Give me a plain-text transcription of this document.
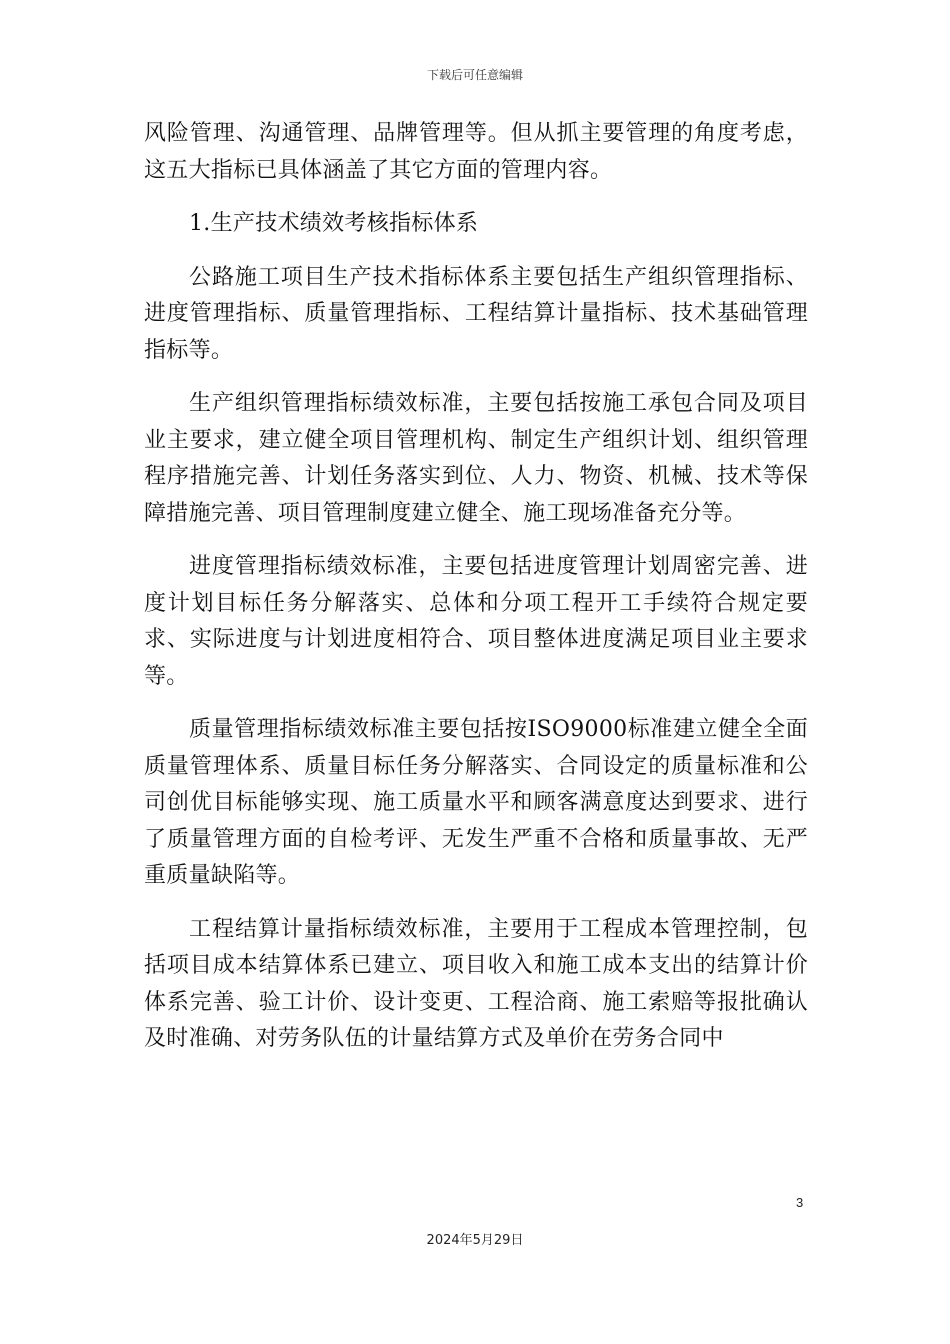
下载后可任意编辑

风险管理、沟通管理、品牌管理等。但从抓主要管理的角度考虑，这五大指标已具体涵盖了其它方面的管理内容。

1.生产技术绩效考核指标体系

公路施工项目生产技术指标体系主要包括生产组织管理指标、进度管理指标、质量管理指标、工程结算计量指标、技术基础管理指标等。

生产组织管理指标绩效标准，主要包括按施工承包合同及项目业主要求，建立健全项目管理机构、制定生产组织计划、组织管理程序措施完善、计划任务落实到位、人力、物资、机械、技术等保障措施完善、项目管理制度建立健全、施工现场准备充分等。

进度管理指标绩效标准，主要包括进度管理计划周密完善、进度计划目标任务分解落实、总体和分项工程开工手续符合规定要求、实际进度与计划进度相符合、项目整体进度满足项目业主要求等。

质量管理指标绩效标准主要包括按ISO9000标准建立健全全面质量管理体系、质量目标任务分解落实、合同设定的质量标准和公司创优目标能够实现、施工质量水平和顾客满意度达到要求、进行了质量管理方面的自检考评、无发生严重不合格和质量事故、无严重质量缺陷等。

工程结算计量指标绩效标准，主要用于工程成本管理控制，包括项目成本结算体系已建立、项目收入和施工成本支出的结算计价体系完善、验工计价、设计变更、工程洽商、施工索赔等报批确认及时准确、对劳务队伍的计量结算方式及单价在劳务合同中

3
2024年5月29日
